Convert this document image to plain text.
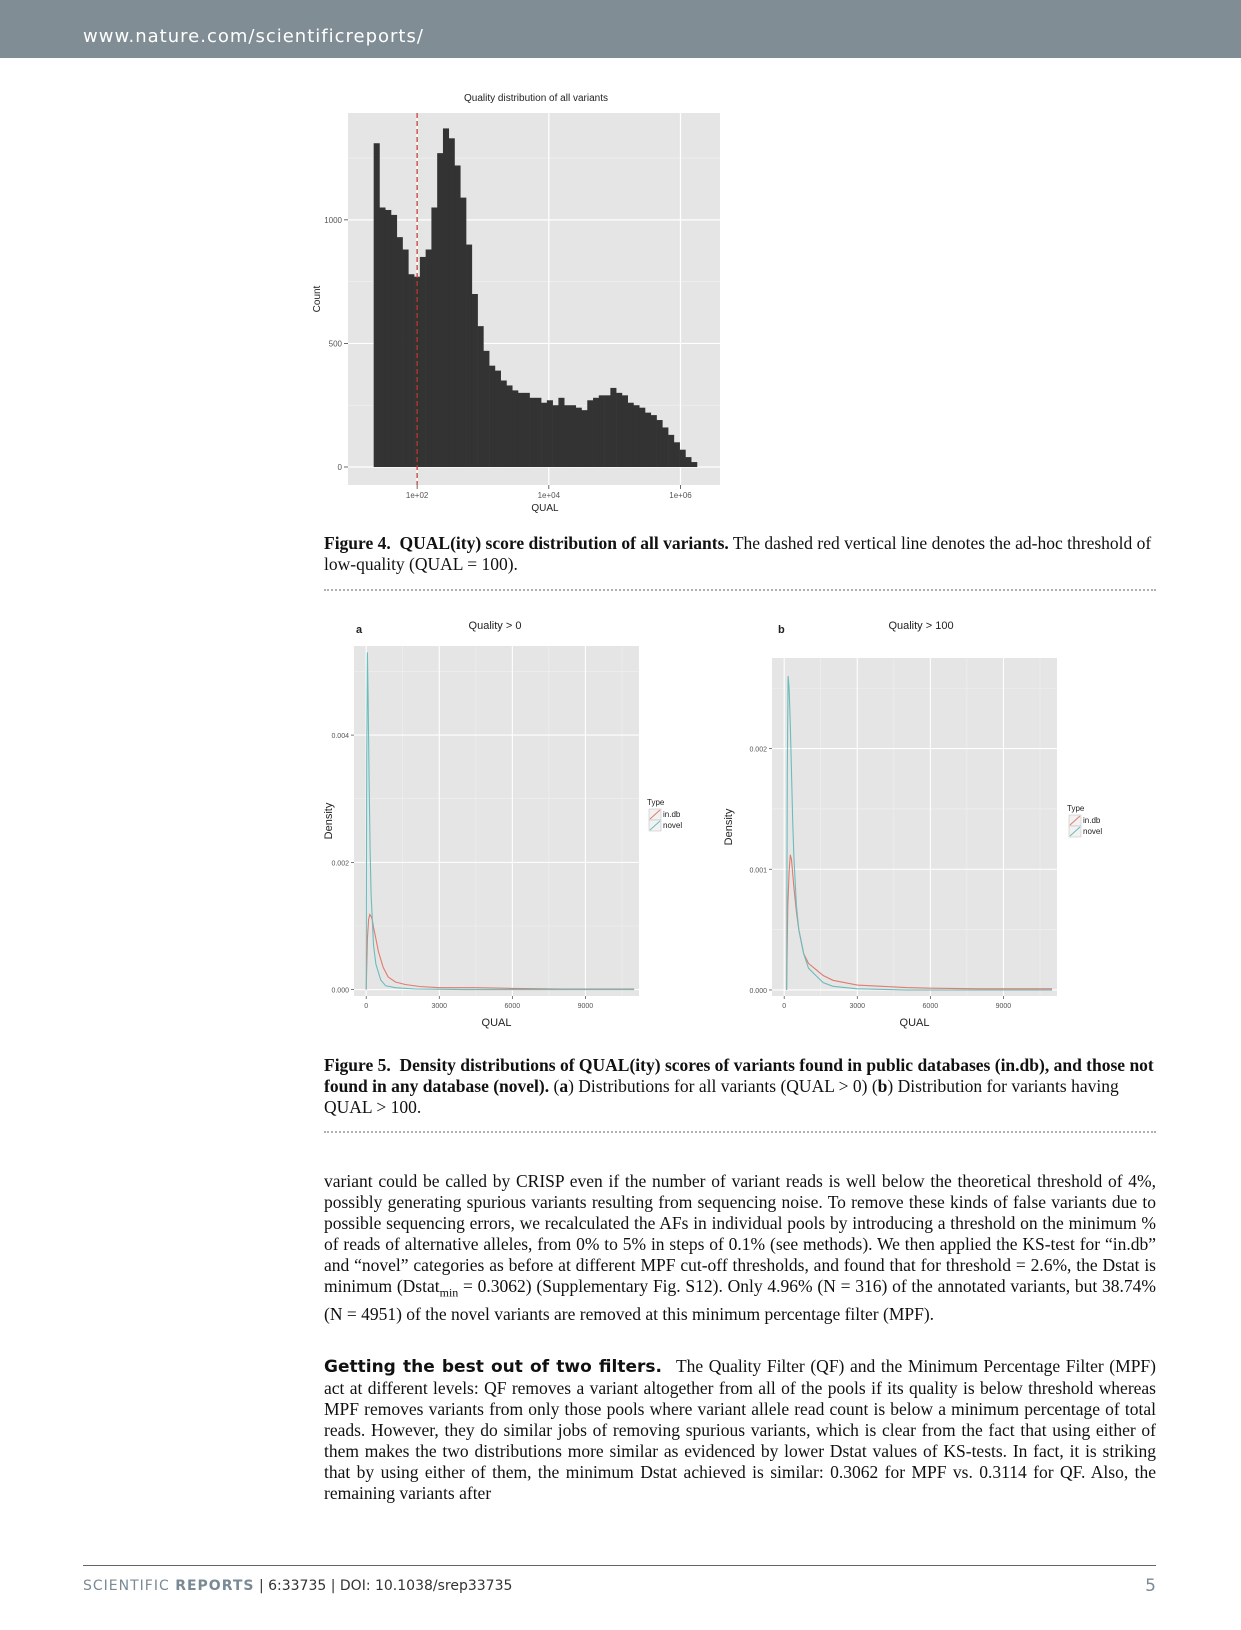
www.nature.com/scientificreports/
Quality distribution of all variants
0
500
1000
1e+02	1e+04	1e+06
Count
QUAL
Figure 4. QUAL(ity) score distribution of all variants. The dashed red vertical line denotes the ad-hoc threshold of low-quality (QUAL = 100).
a	Quality > 0
0	3000	6000	9000
0.000
0.002
0.004
QUAL
Density
Type
in.db
novel
b	Quality > 100
0	3000	6000	9000
0.000
0.001
0.002
QUAL
Density
Type
in.db
novel
Figure 5. Density distributions of QUAL(ity) scores of variants found in public databases (in.db), and those not found in any database (novel). (a) Distributions for all variants (QUAL > 0) (b) Distribution for variants having QUAL > 100.
variant could be called by CRISP even if the number of variant reads is well below the theoretical threshold of 4%, possibly generating spurious variants resulting from sequencing noise. To remove these kinds of false variants due to possible sequencing errors, we recalculated the AFs in individual pools by introducing a threshold on the minimum % of reads of alternative alleles, from 0% to 5% in steps of 0.1% (see methods). We then applied the KS-test for “in.db” and “novel” categories as before at different MPF cut-off thresholds, and found that for threshold = 2.6%, the Dstat is minimum (Dstat$_{min}$ = 0.3062) (Supplementary Fig. S12). Only 4.96% (N = 316) of the annotated variants, but 38.74% (N = 4951) of the novel variants are removed at this minimum percentage filter (MPF).
Getting the best out of two filters. The Quality Filter (QF) and the Minimum Percentage Filter (MPF) act at different levels: QF removes a variant altogether from all of the pools if its quality is below threshold whereas MPF removes variants from only those pools where variant allele read count is below a minimum percentage of total reads. However, they do similar jobs of removing spurious variants, which is clear from the fact that using either of them makes the two distributions more similar as evidenced by lower Dstat values of KS-tests. In fact, it is striking that by using either of them, the minimum Dstat achieved is similar: 0.3062 for MPF vs. 0.3114 for QF. Also, the remaining variants after
SCIENTIFIC REPORTS | 6:33735 | DOI: 10.1038/srep33735	5
